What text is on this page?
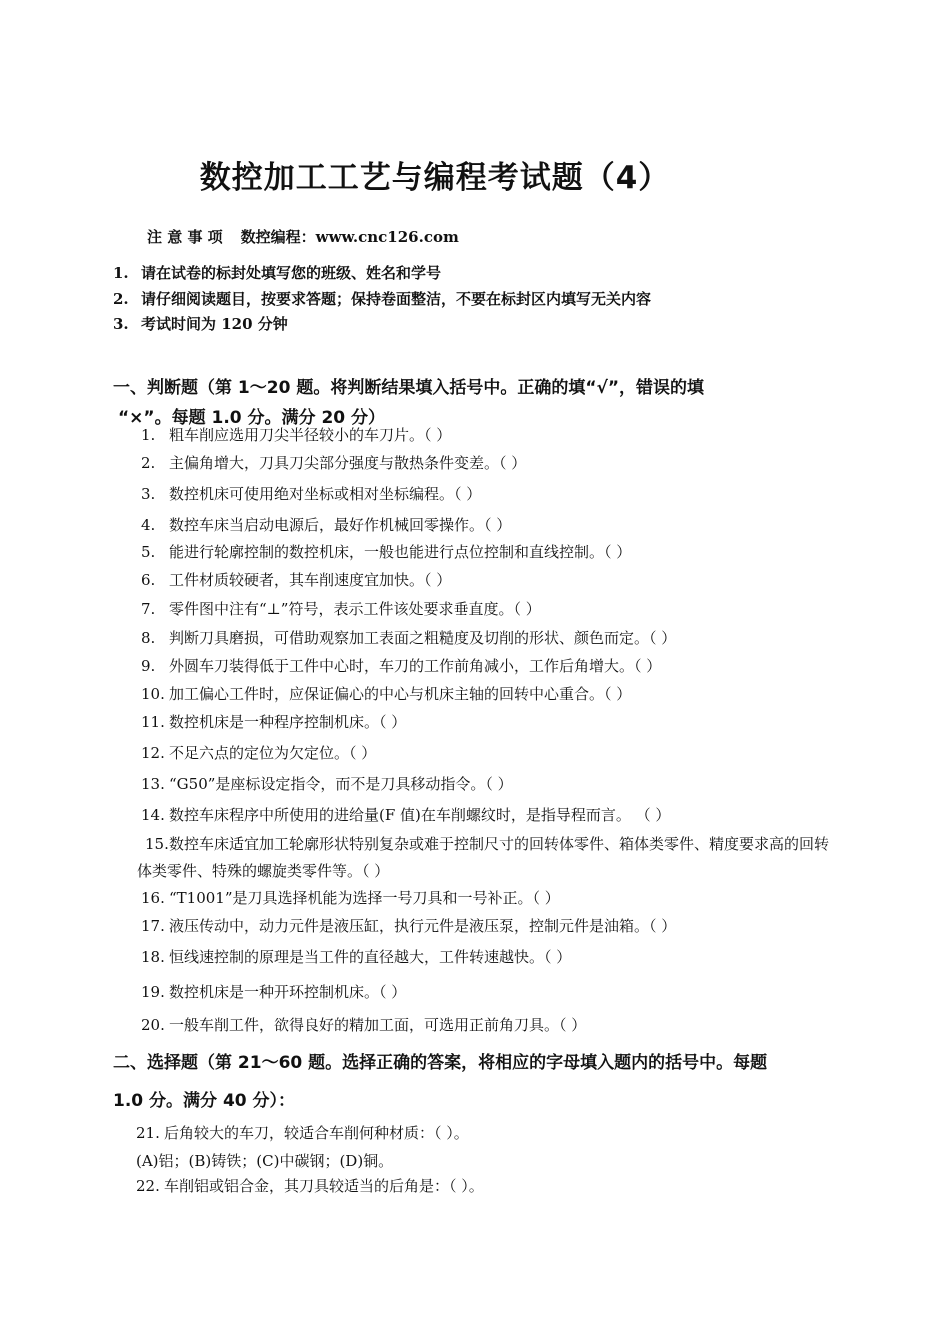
数控加工工艺与编程考试题（4）
注 意 事 项 数控编程：www.cnc126.com
1. 请在试卷的标封处填写您的班级、姓名和学号
2. 请仔细阅读题目，按要求答题；保持卷面整洁，不要在标封区内填写无关内容
3. 考试时间为 120 分钟
一、判断题（第 1～20 题。将判断结果填入括号中。正确的填“√”，错误的填
“×”。每题 1.0 分。满分 20 分）
1. 粗车削应选用刀尖半径较小的车刀片。（ ）
2. 主偏角增大，刀具刀尖部分强度与散热条件变差。（ ）
3. 数控机床可使用绝对坐标或相对坐标编程。（ ）
4. 数控车床当启动电源后，最好作机械回零操作。（ ）
5. 能进行轮廓控制的数控机床，一般也能进行点位控制和直线控制。（ ）
6. 工件材质较硬者，其车削速度宜加快。（ ）
7. 零件图中注有“⊥”符号，表示工件该处要求垂直度。（ ）
8. 判断刀具磨损，可借助观察加工表面之粗糙度及切削的形状、颜色而定。（ ）
9. 外圆车刀装得低于工件中心时，车刀的工作前角减小，工作后角增大。（ ）
10. 加工偏心工件时，应保证偏心的中心与机床主轴的回转中心重合。（ ）
11. 数控机床是一种程序控制机床。（ ）
12. 不足六点的定位为欠定位。（ ）
13. “G50”是座标设定指令，而不是刀具移动指令。（ ）
14. 数控车床程序中所使用的进给量(F 值)在车削螺纹时，是指导程而言。 （ ）
15.数控车床适宜加工轮廓形状特别复杂或难于控制尺寸的回转体零件、箱体类零件、精度要求高的回转体类零件、特殊的螺旋类零件等。（ ）
16. “T1001”是刀具选择机能为选择一号刀具和一号补正。（ ）
17. 液压传动中，动力元件是液压缸，执行元件是液压泵，控制元件是油箱。（ ）
18. 恒线速控制的原理是当工件的直径越大，工件转速越快。（ ）
19. 数控机床是一种开环控制机床。（ ）
20. 一般车削工件，欲得良好的精加工面，可选用正前角刀具。（ ）
二、选择题（第 21～60 题。选择正确的答案，将相应的字母填入题内的括号中。每题
1.0 分。满分 40 分）：
21. 后角较大的车刀，较适合车削何种材质：（ ）。
(A)铝；(B)铸铁；(C)中碳钢；(D)铜。
22. 车削铝或铝合金，其刀具较适当的后角是：（ ）。
